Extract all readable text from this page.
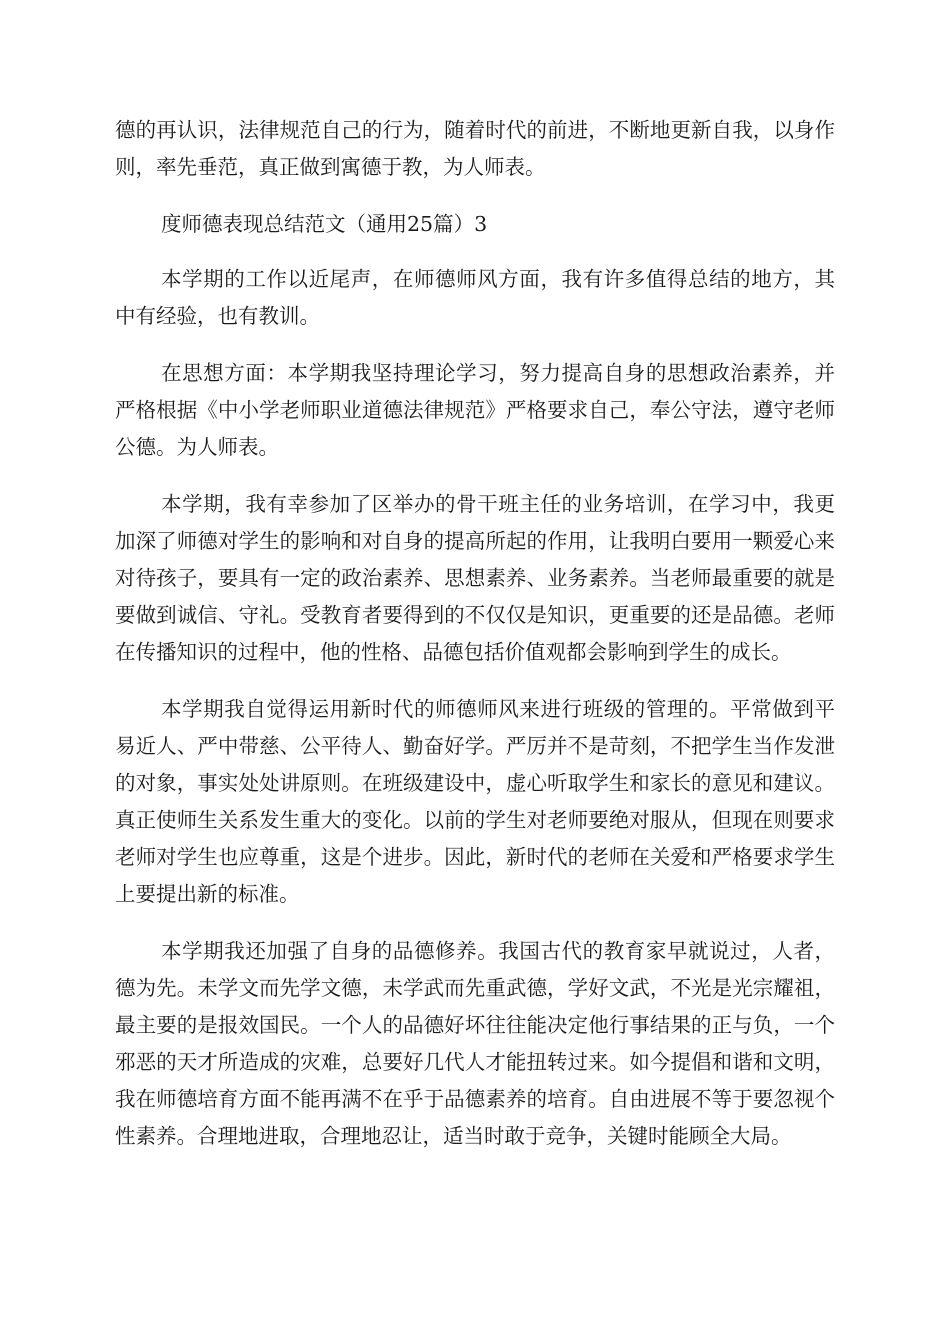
德的再认识，法律规范自己的行为，随着时代的前进，不断地更新自我，以身作则，率先垂范，真正做到寓德于教，为人师表。

度师德表现总结范文（通用25篇）3

本学期的工作以近尾声，在师德师风方面，我有许多值得总结的地方，其中有经验，也有教训。

在思想方面：本学期我坚持理论学习，努力提高自身的思想政治素养，并严格根据《中小学老师职业道德法律规范》严格要求自己，奉公守法，遵守老师公德。为人师表。

本学期，我有幸参加了区举办的骨干班主任的业务培训，在学习中，我更加深了师德对学生的影响和对自身的提高所起的作用，让我明白要用一颗爱心来对待孩子，要具有一定的政治素养、思想素养、业务素养。当老师最重要的就是要做到诚信、守礼。受教育者要得到的不仅仅是知识，更重要的还是品德。老师在传播知识的过程中，他的性格、品德包括价值观都会影响到学生的成长。

本学期我自觉得运用新时代的师德师风来进行班级的管理的。平常做到平易近人、严中带慈、公平待人、勤奋好学。严厉并不是苛刻，不把学生当作发泄的对象，事实处处讲原则。在班级建设中，虚心听取学生和家长的意见和建议。真正使师生关系发生重大的变化。以前的学生对老师要绝对服从，但现在则要求老师对学生也应尊重，这是个进步。因此，新时代的老师在关爱和严格要求学生上要提出新的标准。

本学期我还加强了自身的品德修养。我国古代的教育家早就说过，人者，德为先。未学文而先学文德，未学武而先重武德，学好文武，不光是光宗耀祖，最主要的是报效国民。一个人的品德好坏往往能决定他行事结果的正与负，一个邪恶的天才所造成的灾难，总要好几代人才能扭转过来。如今提倡和谐和文明，我在师德培育方面不能再满不在乎于品德素养的培育。自由进展不等于要忽视个性素养。合理地进取，合理地忍让，适当时敢于竞争，关键时能顾全大局。
